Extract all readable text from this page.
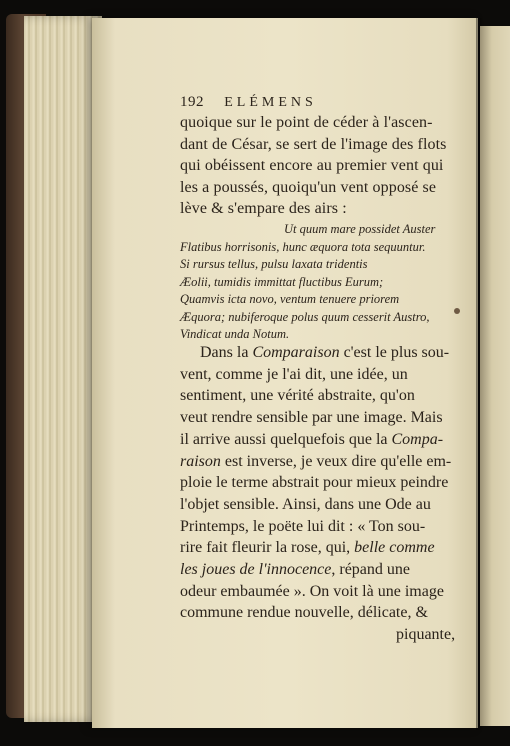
192 ELÉMENS
quoique sur le point de céder à l'ascen-
dant de César, se sert de l'image des flots
qui obéissent encore au premier vent qui
les a poussés, quoiqu'un vent opposé se
lève & s'empare des airs :
Ut quum mare possidet Auster
Flatibus horrisonis, hunc æquora tota sequuntur.
Si rursus tellus, pulsu laxata tridentis
Æolii, tumidis immittat fluctibus Eurum;
Quamvis icta novo, ventum tenuere priorem
Æquora; nubiferoque polus quum cesserit Austro,
Vindicat unda Notum.
Dans la Comparaison c'est le plus sou-
vent, comme je l'ai dit, une idée, un
sentiment, une vérité abstraite, qu'on
veut rendre sensible par une image. Mais
il arrive aussi quelquefois que la Compa-
raison est inverse, je veux dire qu'elle em-
ploie le terme abstrait pour mieux peindre
l'objet sensible. Ainsi, dans une Ode au
Printemps, le poëte lui dit : « Ton sou-
rire fait fleurir la rose, qui, belle comme
les joues de l'innocence, répand une
odeur embaumée ». On voit là une image
commune rendue nouvelle, délicate, &
piquante,
